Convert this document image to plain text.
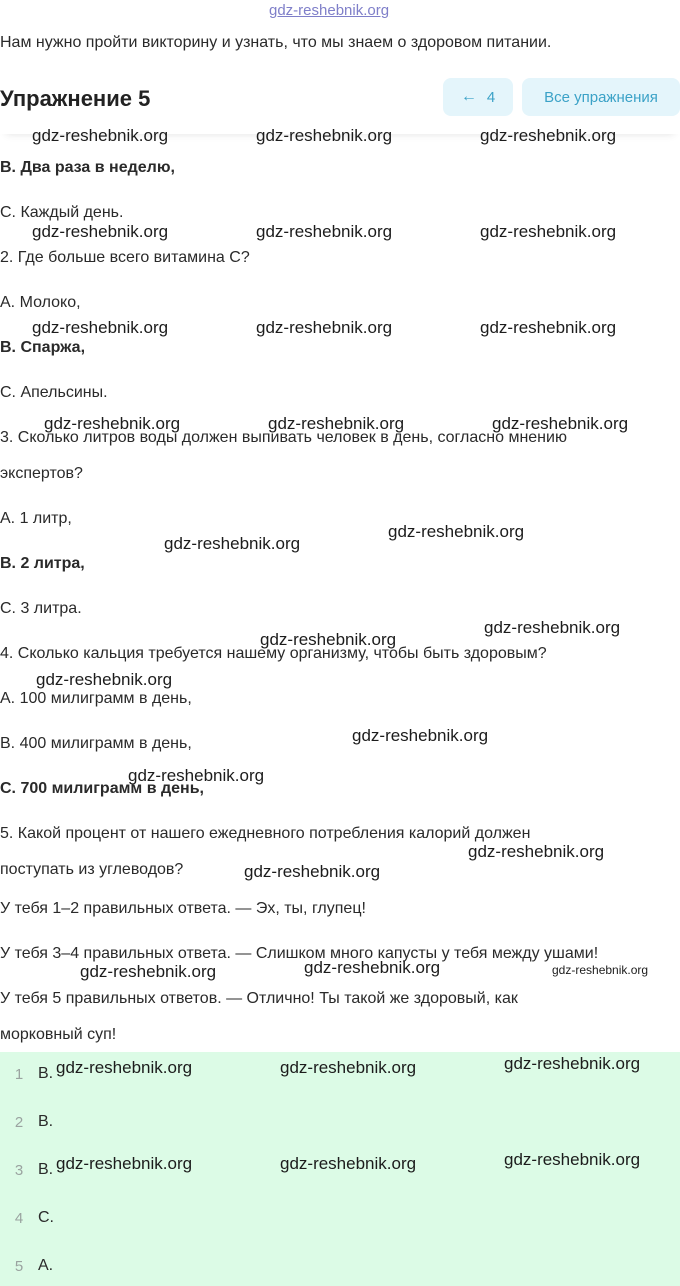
gdz-reshebnik.org
Нам нужно пройти викторину и узнать, что мы знаем о здоровом питании.
Упражнение 5	← 4	Все упражнения
В. Два раза в неделю,
С. Каждый день.
2. Где больше всего витамина С?
А. Молоко,
В. Спаржа,
С. Апельсины.
3. Сколько литров воды должен выпивать человек в день, согласно мнению
экспертов?
А. 1 литр,
В. 2 литра,
С. 3 литра.
4. Сколько кальция требуется нашему организму, чтобы быть здоровым?
А. 100 милиграмм в день,
В. 400 милиграмм в день,
С. 700 милиграмм в день,
5. Какой процент от нашего ежедневного потребления калорий должен
поступать из углеводов?
У тебя 1–2 правильных ответа. — Эх, ты, глупец!
У тебя 3–4 правильных ответа. — Слишком много капусты у тебя между ушами!
У тебя 5 правильных ответов. — Отлично! Ты такой же здоровый, как
морковный суп!
1 В.
2 В.
3 В.
4 С.
5 А.
gdz-reshebnik.org	gdz-reshebnik.org	gdz-reshebnik.org
gdz-reshebnik.org	gdz-reshebnik.org	gdz-reshebnik.org
gdz-reshebnik.org	gdz-reshebnik.org	gdz-reshebnik.org
gdz-reshebnik.org	gdz-reshebnik.org	gdz-reshebnik.org
gdz-reshebnik.org
gdz-reshebnik.org
gdz-reshebnik.org
gdz-reshebnik.org
gdz-reshebnik.org
gdz-reshebnik.org
gdz-reshebnik.org
gdz-reshebnik.org
gdz-reshebnik.org
gdz-reshebnik.org
gdz-reshebnik.org	gdz-reshebnik.org
gdz-reshebnik.org
gdz-reshebnik.org	gdz-reshebnik.org
gdz-reshebnik.org
gdz-reshebnik.org	gdz-reshebnik.org
